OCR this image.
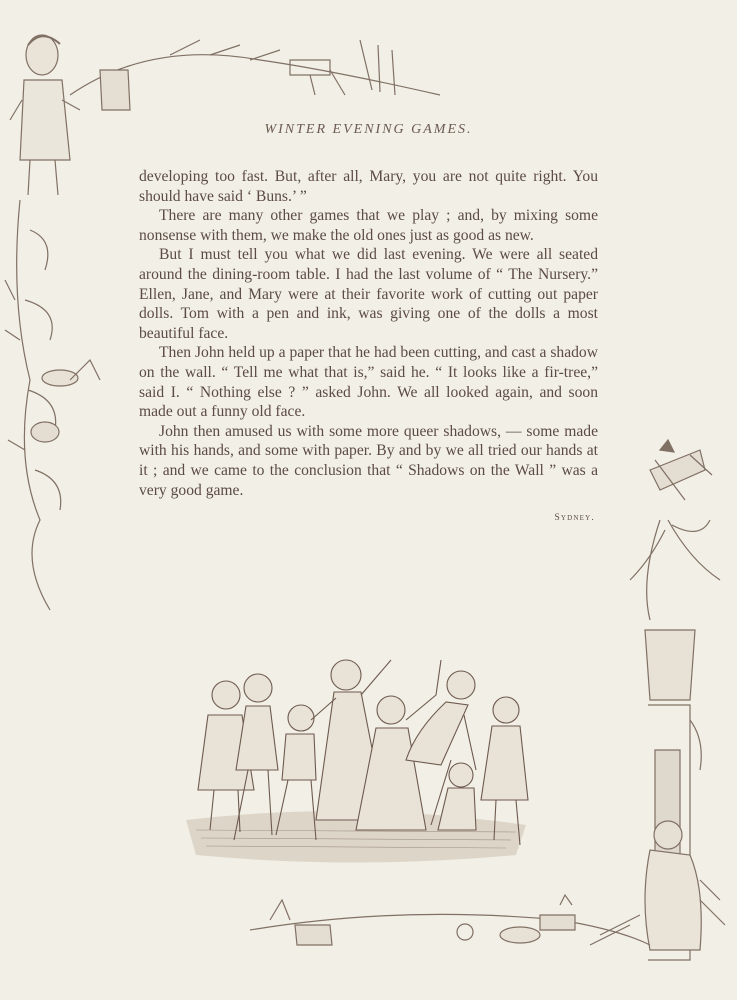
WINTER EVENING GAMES.

developing too fast. But, after all, Mary, you are not quite right. You should have said ‘ Buns.’ ”

There are many other games that we play ; and, by mixing some nonsense with them, we make the old ones just as good as new.

But I must tell you what we did last evening. We were all seated around the dining-room table. I had the last volume of “ The Nursery.” Ellen, Jane, and Mary were at their favorite work of cutting out paper dolls. Tom with a pen and ink, was giving one of the dolls a most beautiful face.

Then John held up a paper that he had been cutting, and cast a shadow on the wall. “ Tell me what that is,” said he. “ It looks like a fir-tree,” said I. “ Nothing else ? ” asked John. We all looked again, and soon made out a funny old face.

John then amused us with some more queer shadows, — some made with his hands, and some with paper. By and by we all tried our hands at it ; and we came to the conclusion that “ Shadows on the Wall ” was a very good game.

Sydney.
